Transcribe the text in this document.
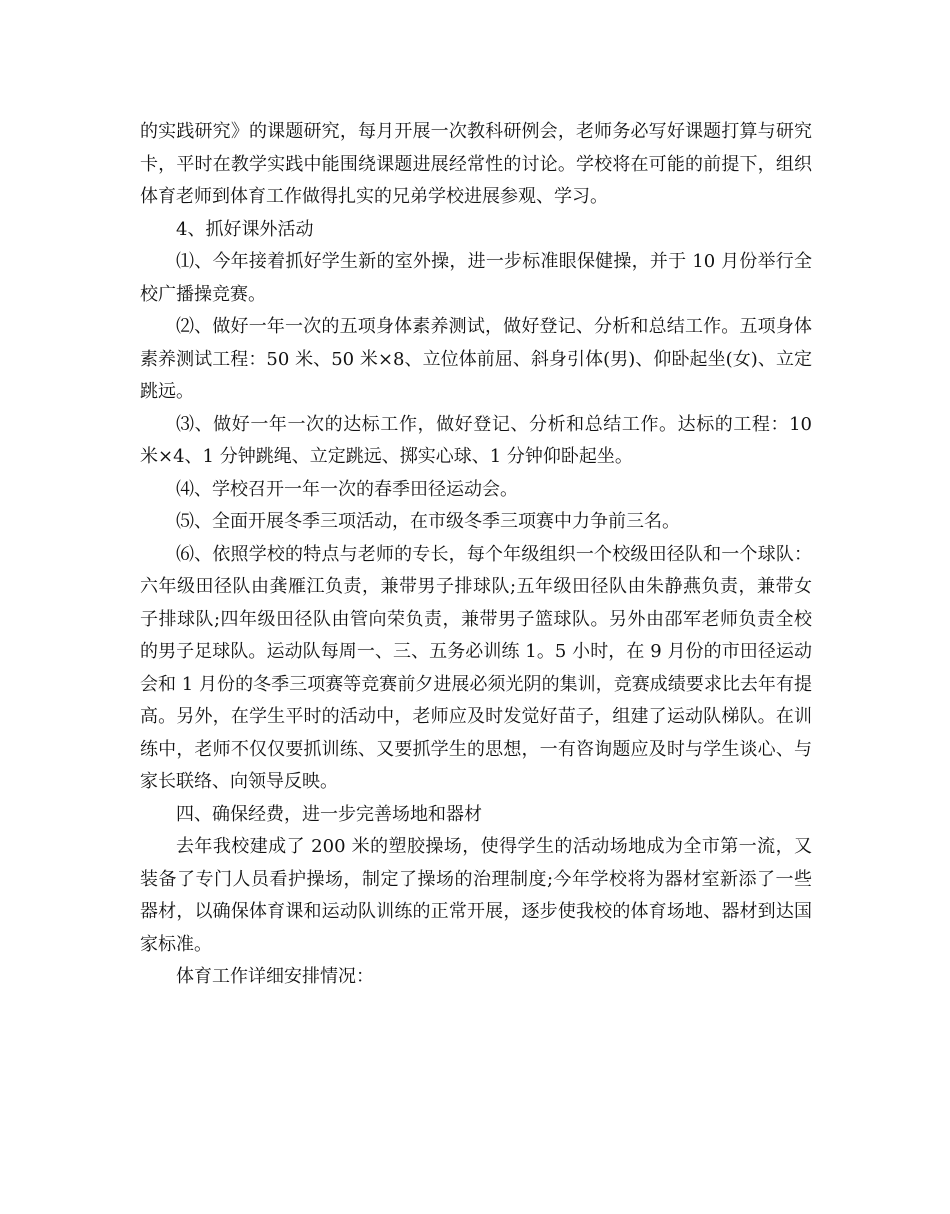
的实践研究》的课题研究，每月开展一次教科研例会，老师务必写好课题打算与研究卡，平时在教学实践中能围绕课题进展经常性的讨论。学校将在可能的前提下，组织体育老师到体育工作做得扎实的兄弟学校进展参观、学习。

4、抓好课外活动

⑴、今年接着抓好学生新的室外操，进一步标准眼保健操，并于 10 月份举行全校广播操竞赛。

⑵、做好一年一次的五项身体素养测试，做好登记、分析和总结工作。五项身体素养测试工程：50 米、50 米×8、立位体前屈、斜身引体(男)、仰卧起坐(女)、立定跳远。

⑶、做好一年一次的达标工作，做好登记、分析和总结工作。达标的工程：10 米×4、1 分钟跳绳、立定跳远、掷实心球、1 分钟仰卧起坐。

⑷、学校召开一年一次的春季田径运动会。

⑸、全面开展冬季三项活动，在市级冬季三项赛中力争前三名。

⑹、依照学校的特点与老师的专长，每个年级组织一个校级田径队和一个球队：六年级田径队由龚雁江负责，兼带男子排球队;五年级田径队由朱静燕负责，兼带女子排球队;四年级田径队由管向荣负责，兼带男子篮球队。另外由邵军老师负责全校的男子足球队。运动队每周一、三、五务必训练 1。5 小时，在 9 月份的市田径运动会和 1 月份的冬季三项赛等竞赛前夕进展必须光阴的集训，竞赛成绩要求比去年有提高。另外，在学生平时的活动中，老师应及时发觉好苗子，组建了运动队梯队。在训练中，老师不仅仅要抓训练、又要抓学生的思想，一有咨询题应及时与学生谈心、与家长联络、向领导反映。

四、确保经费，进一步完善场地和器材

去年我校建成了 200 米的塑胶操场，使得学生的活动场地成为全市第一流，又装备了专门人员看护操场，制定了操场的治理制度;今年学校将为器材室新添了一些器材，以确保体育课和运动队训练的正常开展，逐步使我校的体育场地、器材到达国家标准。

体育工作详细安排情况：
